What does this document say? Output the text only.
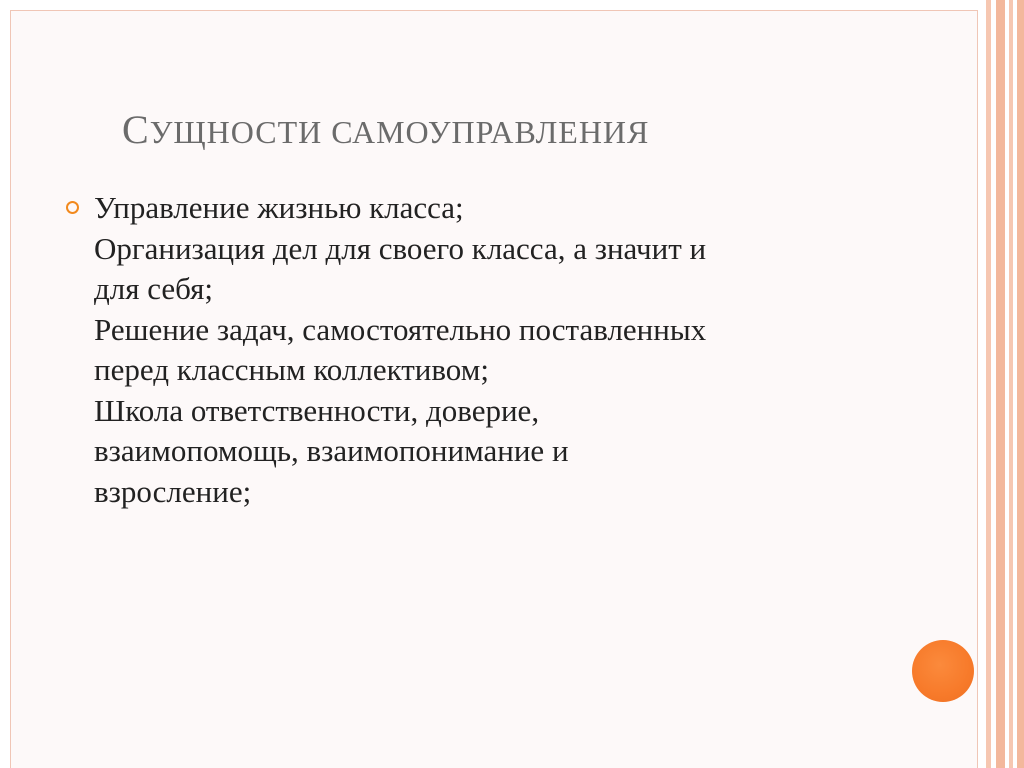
СУЩНОСТИ САМОУПРАВЛЕНИЯ
Управление жизнью класса;
Организация дел для своего класса, а значит и
для себя;
Решение задач, самостоятельно поставленных
перед классным коллективом;
Школа ответственности, доверие,
взаимопомощь, взаимопонимание и
взросление;
